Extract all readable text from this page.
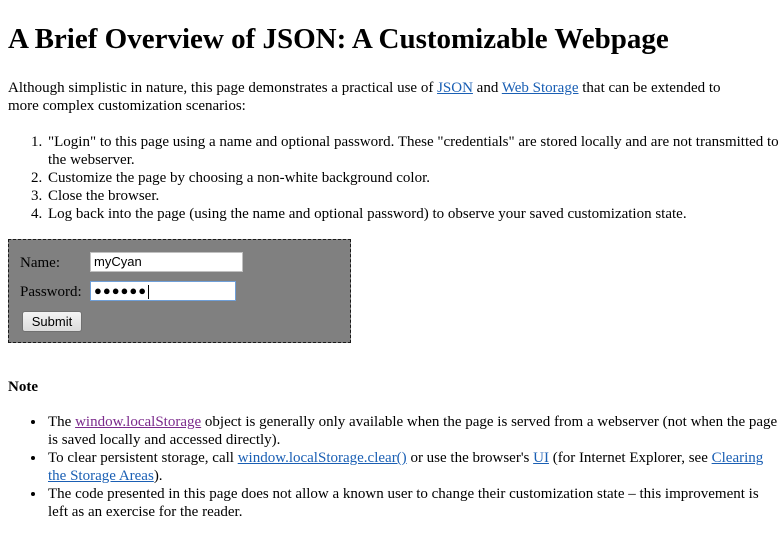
A Brief Overview of JSON: A Customizable Webpage

Although simplistic in nature, this page demonstrates a practical use of JSON and Web Storage that can be extended to more complex customization scenarios:

1. "Login" to this page using a name and optional password. These "credentials" are stored locally and are not transmitted to the webserver.
2. Customize the page by choosing a non-white background color.
3. Close the browser.
4. Log back into the page (using the name and optional password) to observe your saved customization state.
Name:	myCyan
Password: ●●●●●●
Submit

Note

• The window.localStorage object is generally only available when the page is served from a webserver (not when the page is saved locally and accessed directly).
• To clear persistent storage, call window.localStorage.clear() or use the browser's UI (for Internet Explorer, see Clearing the Storage Areas).
• The code presented in this page does not allow a known user to change their customization state – this improvement is left as an exercise for the reader.
